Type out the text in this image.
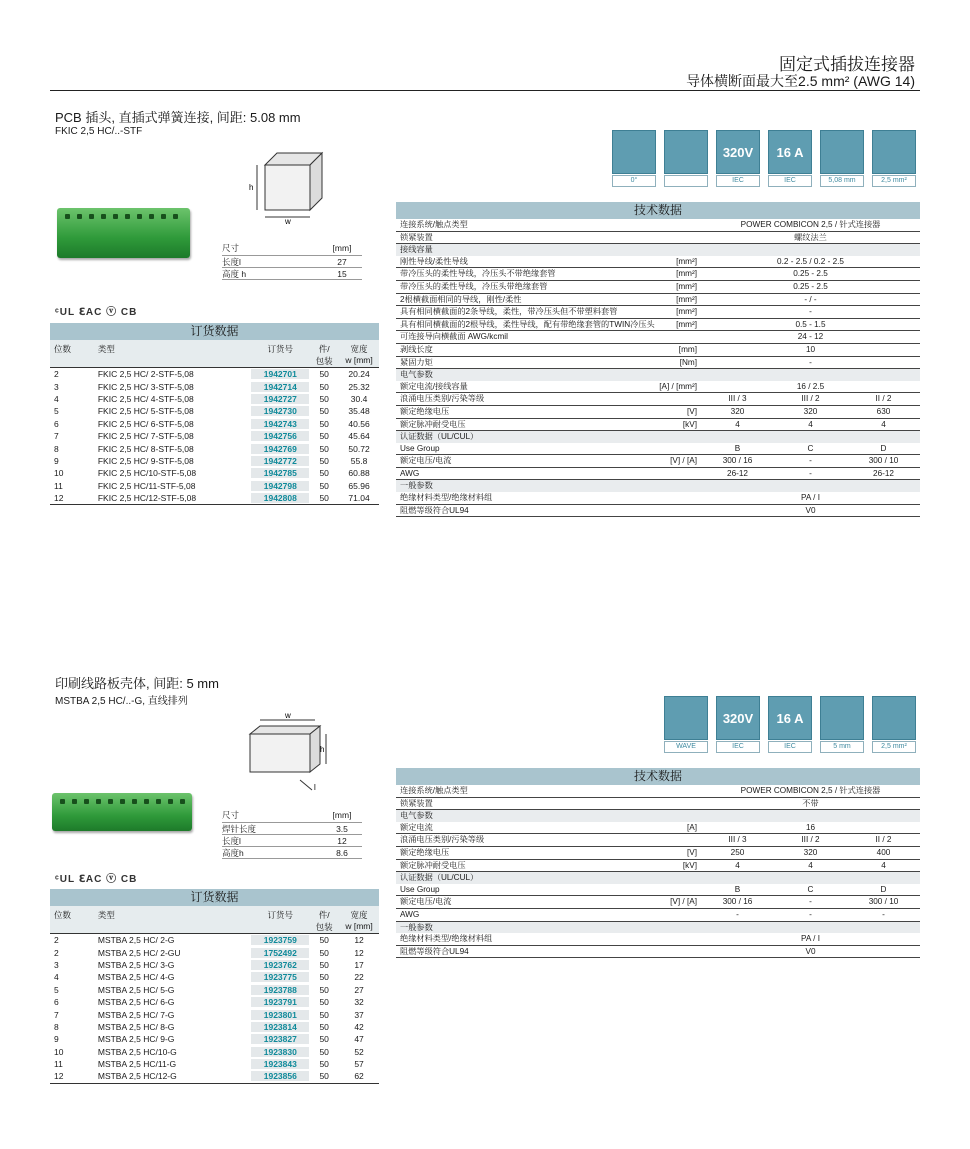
固定式插拔连接器
导体横断面最大至2.5 mm² (AWG 14)
PCB 插头, 直插式弹簧连接, 间距: 5.08 mm
FKIC 2,5 HC/..-STF
h
w
尺寸	[mm]
长度l	27
高度 h	15
ᶜUL ℇAC ⓥ CB
订货数据
位数	类型	订货号	件/
包装
宽度
w [mm]
2	FKIC 2,5 HC/ 2-STF-5,08	1942701	50	20.24
3	FKIC 2,5 HC/ 3-STF-5,08	1942714	50	25.32
4	FKIC 2,5 HC/ 4-STF-5,08	1942727	50	30.4
5	FKIC 2,5 HC/ 5-STF-5,08	1942730	50	35.48
6	FKIC 2,5 HC/ 6-STF-5,08	1942743	50	40.56
7	FKIC 2,5 HC/ 7-STF-5,08	1942756	50	45.64
8	FKIC 2,5 HC/ 8-STF-5,08	1942769	50	50.72
9	FKIC 2,5 HC/ 9-STF-5,08	1942772	50	55.8
10	FKIC 2,5 HC/10-STF-5,08	1942785	50	60.88
11	FKIC 2,5 HC/11-STF-5,08	1942798	50	65.96
12	FKIC 2,5 HC/12-STF-5,08	1942808	50	71.04
0°
320V
IEC
16 A
IEC	5,08 mm	2,5 mm²
技术数据
连接系统/触点类型	POWER COMBICON 2,5 / 针式连接器
锁紧装置	螺纹法兰
接线容量
刚性导线/柔性导线	[mm²]	0.2 - 2.5 / 0.2 - 2.5
带冷压头的柔性导线，冷压头不带绝缘套管	[mm²]	0.25 - 2.5
带冷压头的柔性导线，冷压头带绝缘套管	[mm²]	0.25 - 2.5
2根横截面相同的导线，刚性/柔性	[mm²]	- / -
具有相同横截面的2条导线，柔性，带冷压头但不带塑料套管	[mm²]	-
具有相同横截面的2根导线，柔性导线，配有带绝缘套管的TWIN冷压头	[mm²]	0.5 - 1.5
可连接导向横截面 AWG/kcmil	24 - 12
剥线长度	[mm]	10
紧固力矩	[Nm]	-
电气参数
额定电流/接线容量	[A] / [mm²]	16 / 2.5
浪涌电压类别/污染等级	III / 3	III / 2	II / 2
额定绝缘电压	[V]	320	320	630
额定脉冲耐受电压	[kV]	4	4	4
认证数据（UL/CUL）
Use Group	B	C	D
额定电压/电流	[V] / [A]	300 / 16	-	300 / 10
AWG	26-12	-	26-12
一般参数
绝缘材料类型/绝缘材料组	PA / I
阻燃等级符合UL94	V0
印刷线路板壳体, 间距: 5 mm
MSTBA 2,5 HC/..-G, 直线排列
w
h
l
尺寸	[mm]
焊针长度	3.5
长度l	12
高度h	8.6
ᶜUL ℇAC ⓥ CB
订货数据
位数	类型	订货号	件/
包装
宽度
w [mm]
2	MSTBA 2,5 HC/ 2-G	1923759	50	12
2	MSTBA 2,5 HC/ 2-GU	1752492	50	12
3	MSTBA 2,5 HC/ 3-G	1923762	50	17
4	MSTBA 2,5 HC/ 4-G	1923775	50	22
5	MSTBA 2,5 HC/ 5-G	1923788	50	27
6	MSTBA 2,5 HC/ 6-G	1923791	50	32
7	MSTBA 2,5 HC/ 7-G	1923801	50	37
8	MSTBA 2,5 HC/ 8-G	1923814	50	42
9	MSTBA 2,5 HC/ 9-G	1923827	50	47
10	MSTBA 2,5 HC/10-G	1923830	50	52
11	MSTBA 2,5 HC/11-G	1923843	50	57
12	MSTBA 2,5 HC/12-G	1923856	50	62
WAVE
320V
IEC
16 A
IEC	5 mm	2,5 mm²
技术数据
连接系统/触点类型	POWER COMBICON 2,5 / 针式连接器
锁紧装置	不带
电气参数
额定电流	[A]	16
浪涌电压类别/污染等级	III / 3	III / 2	II / 2
额定绝缘电压	[V]	250	320	400
额定脉冲耐受电压	[kV]	4	4	4
认证数据（UL/CUL）
Use Group	B	C	D
额定电压/电流	[V] / [A]	300 / 16	-	300 / 10
AWG	-	-	-
一般参数
绝缘材料类型/绝缘材料组	PA / I
阻燃等级符合UL94	V0
